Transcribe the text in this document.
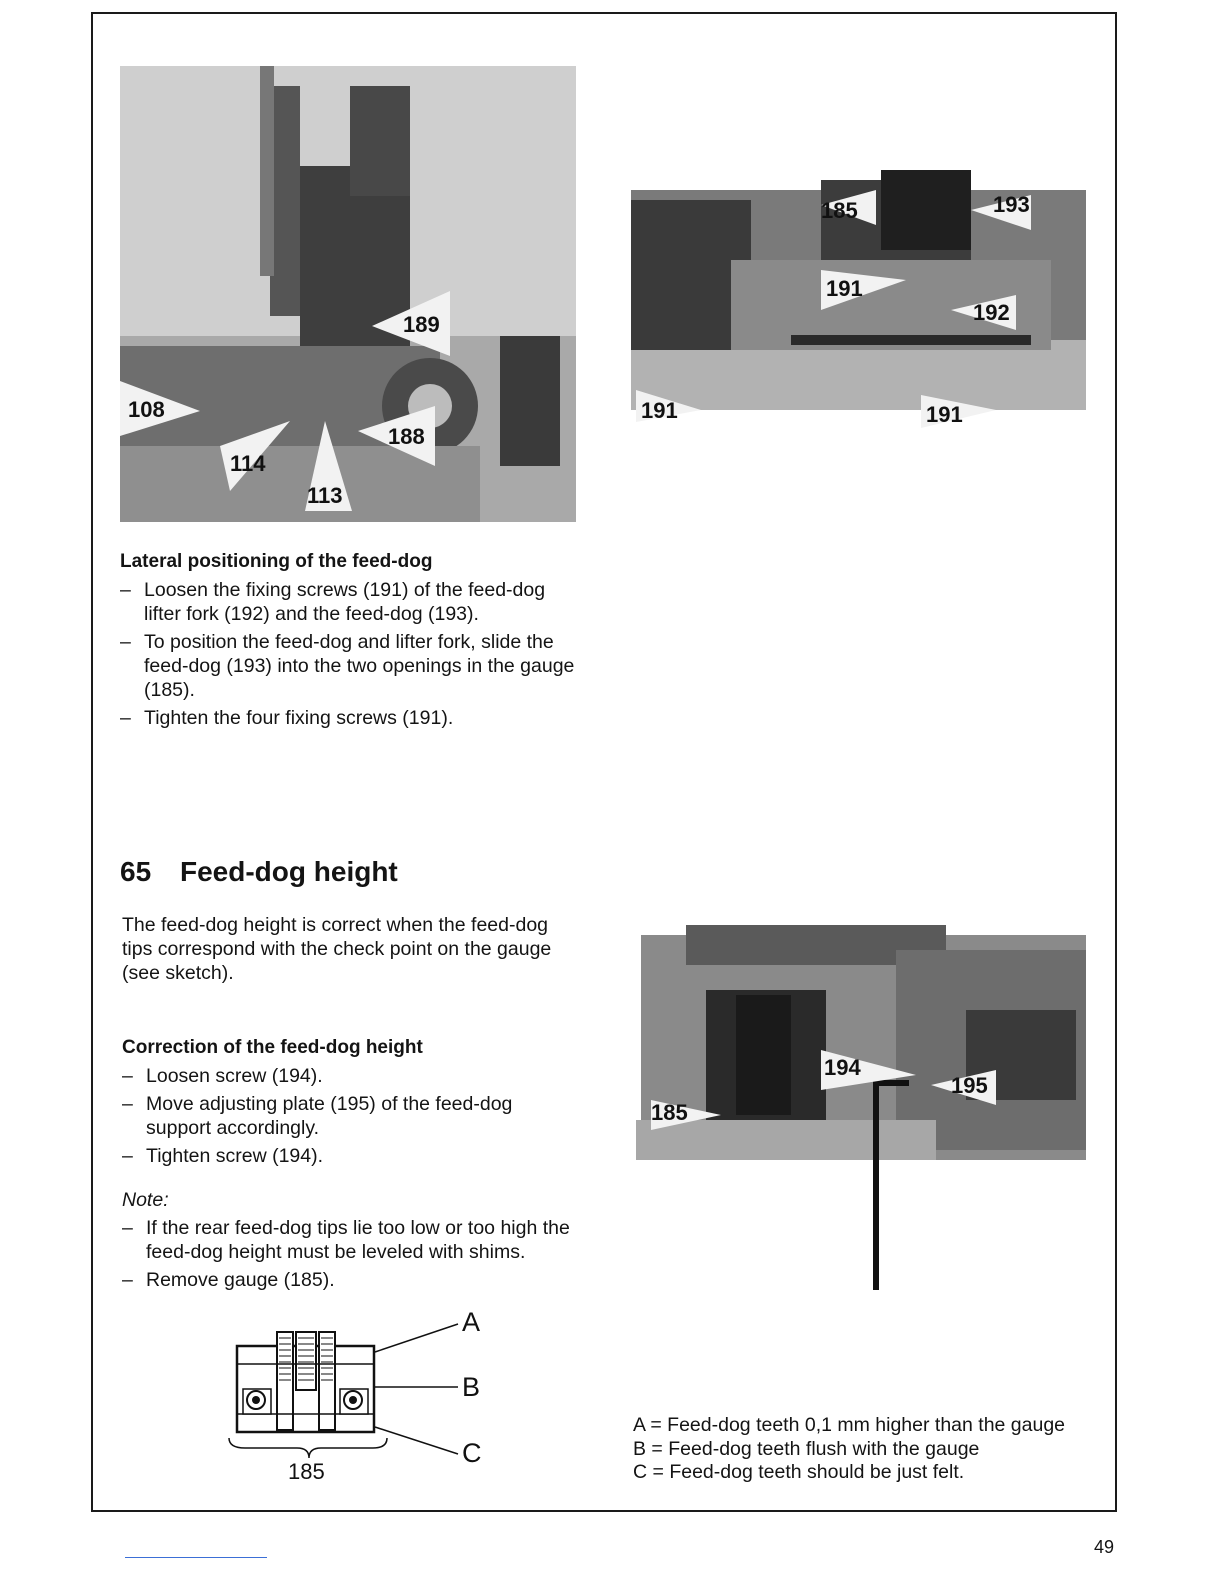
189
108
188
114
113
185	193
191
192
191	191

Lateral positioning of the feed-dog

– Loosen the fixing screws (191) of the feed-dog lifter fork (192) and the feed-dog (193).
– To position the feed-dog and lifter fork, slide the feed-dog (193) into the two openings in the gauge (185).
– Tighten the four fixing screws (191).
65 Feed-dog height

The feed-dog height is correct when the feed-dog tips correspond with the check point on the gauge (see sketch).

Correction of the feed-dog height

– Loosen screw (194).
– Move adjusting plate (195) of the feed-dog support accordingly.
– Tighten screw (194).

Note:

– If the rear feed-dog tips lie too low or too high the feed-dog height must be leveled with shims.
– Remove gauge (185).
194
195
185
A
B
C
185
A = Feed-dog teeth 0,1 mm higher than the gauge
B = Feed-dog teeth flush with the gauge
C = Feed-dog teeth should be just felt.
49
